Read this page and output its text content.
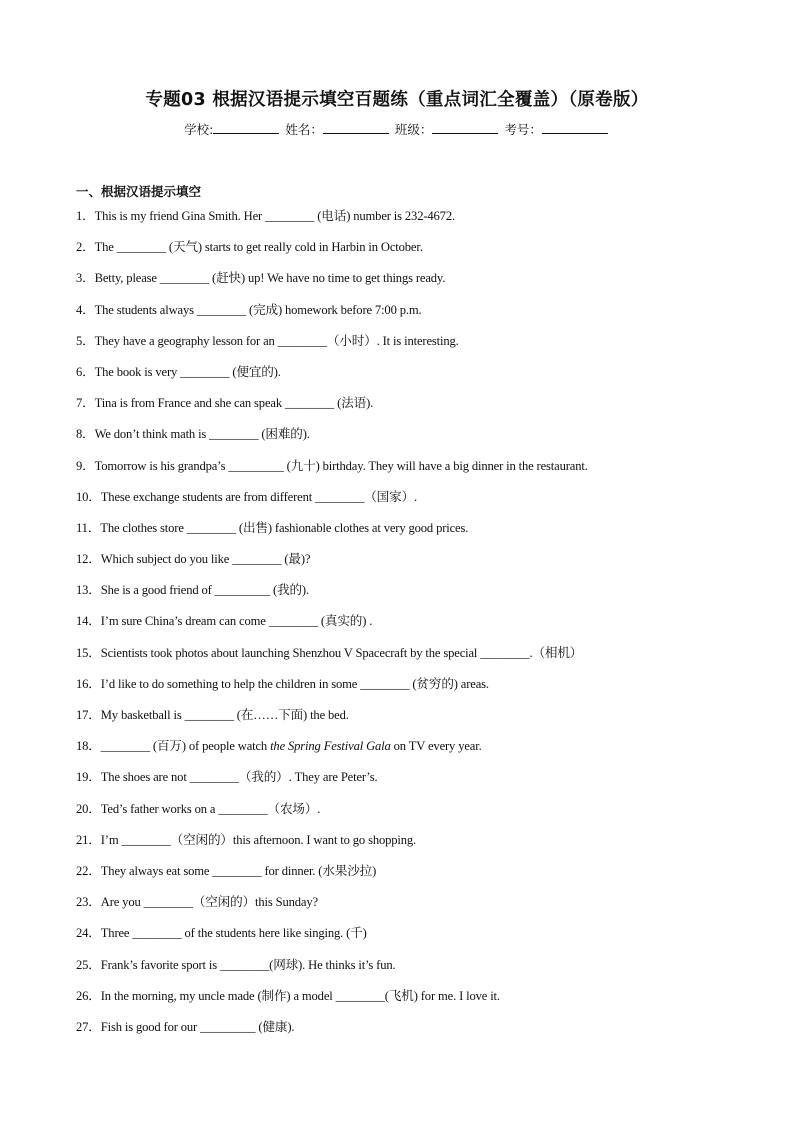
专题03 根据汉语提示填空百题练（重点词汇全覆盖）（原卷版）
学校:	姓名：	班级：	考号：
一、根据汉语提示填空
1．This is my friend Gina Smith. Her ________ (电话) number is 232-4672.
2．The ________ (天气) starts to get really cold in Harbin in October.
3．Betty, please ________ (赶快) up! We have no time to get things ready.
4．The students always ________ (完成) homework before 7:00 p.m.
5．They have a geography lesson for an ________（小时）. It is interesting.
6．The book is very ________ (便宜的).
7．Tina is from France and she can speak ________ (法语).
8．We don’t think math is ________ (困难的).
9．Tomorrow is his grandpa’s _________ (九十) birthday. They will have a big dinner in the restaurant.
10．These exchange students are from different ________（国家）.
11．The clothes store ________ (出售) fashionable clothes at very good prices.
12．Which subject do you like ________ (最)?
13．She is a good friend of _________ (我的).
14．I’m sure China’s dream can come ________ (真实的) .
15．Scientists took photos about launching Shenzhou V Spacecraft by the special ________.（相机）
16．I’d like to do something to help the children in some ________ (贫穷的) areas.
17．My basketball is ________ (在……下面) the bed.
18．________ (百万) of people watch the Spring Festival Gala on TV every year.
19．The shoes are not ________（我的）. They are Peter’s.
20．Ted’s father works on a ________（农场）.
21．I’m ________（空闲的）this afternoon. I want to go shopping.
22．They always eat some ________ for dinner. (水果沙拉)
23．Are you ________（空闲的）this Sunday?
24．Three ________ of the students here like singing. (千)
25．Frank’s favorite sport is ________(网球). He thinks it’s fun.
26．In the morning, my uncle made (制作) a model ________(飞机) for me. I love it.
27．Fish is good for our _________ (健康).
